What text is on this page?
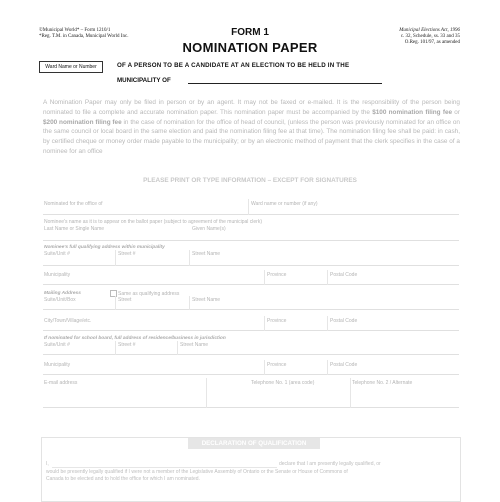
©Municipal World* – Form 1210/1
*Reg. T.M. in Canada, Municipal World Inc.
Municipal Elections Act, 1996
c. 32, Schedule, ss. 33 and 35
O.Reg. 101/97, as amended
FORM 1
NOMINATION PAPER
Ward Name or Number	OF A PERSON TO BE A CANDIDATE AT AN ELECTION TO BE HELD IN THE
MUNICIPALITY OF
A Nomination Paper may only be filed in person or by an agent. It may not be faxed or e-mailed. It is the responsibility of the person being nominated to file a complete and accurate nomination paper. This nomination paper must be accompanied by the $100 nomination filing fee or $200 nomination filing fee in the case of nomination for the office of head of council, (unless the person was previously nominated for an office on the same council or local board in the same election and paid the nomination filing fee at that time). The nomination filing fee shall be paid: in cash, by certified cheque or money order made payable to the municipality; or by an electronic method of payment that the clerk specifies in the case of a nominee for an office
PLEASE PRINT OR TYPE INFORMATION – EXCEPT FOR SIGNATURES
Nominated for the office of	Ward name or number (if any)
Nominee's name as it is to appear on the ballot paper (subject to agreement of the municipal clerk)
Last Name or Single Name	Given Name(s)
Nominee's full qualifying address within municipality
Suite/Unit #	Street #	Street Name
Municipality	Province	Postal Code
Mailing Address	Same as qualifying address
Suite/Unit/Box	Street	Street Name
City/Town/Village/etc.	Province	Postal Code
If nominated for school board, full address of residence/business in jurisdiction
Suite/Unit #	Street #	Street Name
Municipality	Province	Postal Code
E-mail address	Telephone No. 1 (area code)	Telephone No. 2 / Alternate
DECLARATION OF QUALIFICATION
I,	declare that I am presently legally qualified, or
would be presently legally qualified if I were not a member of the Legislative Assembly of Ontario or the Senate or House of Commons of
Canada to be elected and to hold the office for which I am nominated.
